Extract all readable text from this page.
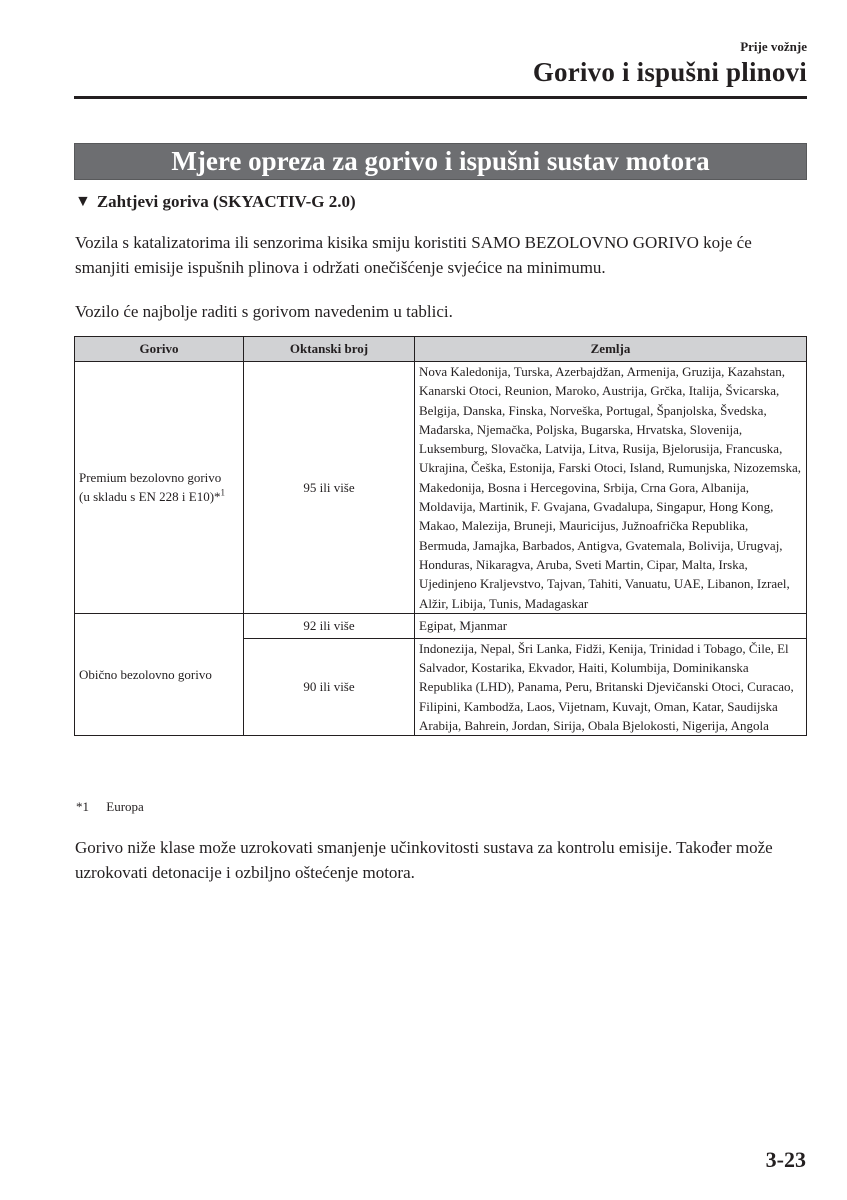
Prije vožnje
Gorivo i ispušni plinovi
Mjere opreza za gorivo i ispušni sustav motora
▼ Zahtjevi goriva (SKYACTIV-G 2.0)

Vozila s katalizatorima ili senzorima kisika smiju koristiti SAMO BEZOLOVNO GORIVO koje će smanjiti emisije ispušnih plinova i održati onečišćenje svjećice na minimumu.

Vozilo će najbolje raditi s gorivom navedenim u tablici.

Gorivo	Oktanski broj	Zemlja
Premium bezolovno gorivo
(u skladu s EN 228 i E10)*$^1$	95 ili više	Nova Kaledonija, Turska, Azerbajdžan, Armenija, Gruzija, Kazahstan, Kanarski Otoci, Reunion, Maroko, Austrija, Grčka, Italija, Švicarska, Belgija, Danska, Finska, Norveška, Portugal, Španjolska, Švedska, Mađarska, Njemačka, Poljska, Bugarska, Hrvatska, Slovenija, Luksemburg, Slovačka, Latvija, Litva, Rusija, Bjelorusija, Francuska, Ukrajina, Češka, Estonija, Farski Otoci, Island, Rumunjska, Nizozemska, Makedonija, Bosna i Hercegovina, Srbija, Crna Gora, Albanija, Moldavija, Martinik, F. Gvajana, Gvadalupa, Singapur, Hong Kong, Makao, Malezija, Bruneji, Mauricijus, Južnoafrička Republika, Bermuda, Jamajka, Barbados, Antigva, Gvatemala, Bolivija, Urugvaj, Honduras, Nikaragva, Aruba, Sveti Martin, Cipar, Malta, Irska, Ujedinjeno Kraljevstvo, Tajvan, Tahiti, Vanuatu, UAE, Libanon, Izrael, Alžir, Libija, Tunis, Madagaskar
Obično bezolovno gorivo	92 ili više	Egipat, Mjanmar
	90 ili više	Indonezija, Nepal, Šri Lanka, Fidži, Kenija, Trinidad i Tobago, Čile, El Salvador, Kostarika, Ekvador, Haiti, Kolumbija, Dominikanska Republika (LHD), Panama, Peru, Britanski Djevičanski Otoci, Curacao, Filipini, Kambodža, Laos, Vijetnam, Kuvajt, Oman, Katar, Saudijska Arabija, Bahrein, Jordan, Sirija, Obala Bjelokosti, Nigerija, Angola
*1 Europa

Gorivo niže klase može uzrokovati smanjenje učinkovitosti sustava za kontrolu emisije. Također može uzrokovati detonacije i ozbiljno oštećenje motora.

3-23
